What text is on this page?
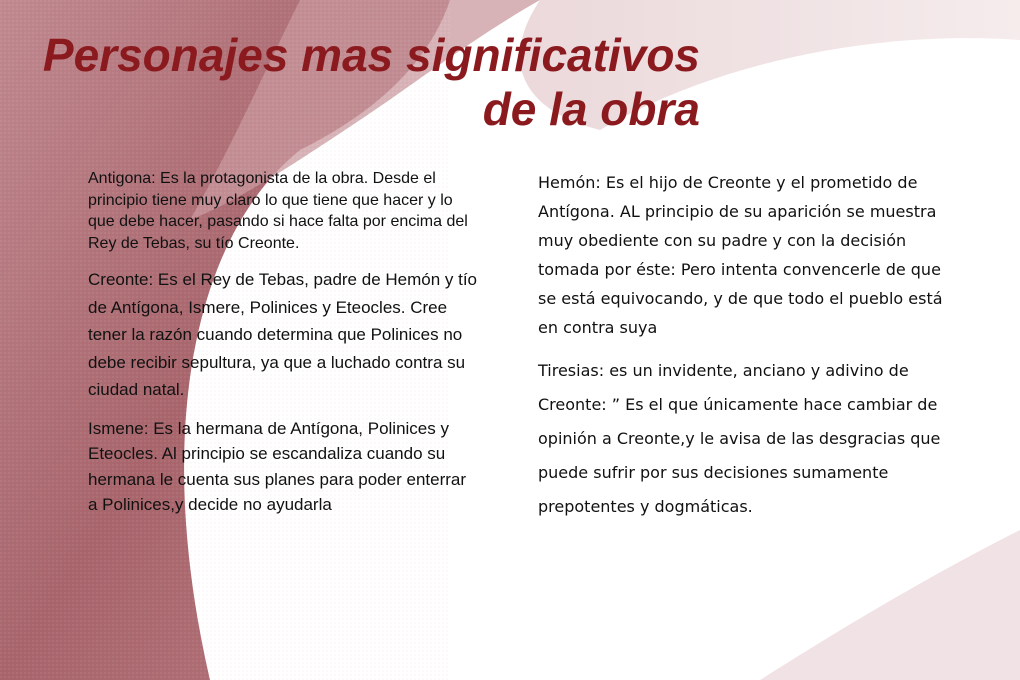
Personajes mas significativos de la obra

Antigona: Es la protagonista de la obra. Desde el principio tiene muy claro lo que tiene que hacer y lo que debe hacer, pasando si hace falta por encima del Rey de Tebas, su tío Creonte.

Creonte: Es el Rey de Tebas, padre de Hemón y tío de Antígona, Ismere, Polinices y Eteocles. Cree tener la razón cuando determina que Polinices no debe recibir sepultura, ya que a luchado contra su ciudad natal.

Ismene: Es la hermana de Antígona, Polinices y Eteocles. Al principio se escandaliza cuando su hermana le cuenta sus planes para poder enterrar a Polinices,y decide no ayudarla

Hemón: Es el hijo de Creonte y el prometido de Antígona. AL principio de su aparición se muestra muy obediente con su padre y con la decisión tomada por éste: Pero intenta convencerle de que se está equivocando, y de que todo el pueblo está en contra suya

Tiresias: es un invidente, anciano y adivino de Creonte: ” Es el que únicamente hace cambiar de opinión a Creonte,y le avisa de las desgracias que puede sufrir por sus decisiones sumamente prepotentes y dogmáticas.
